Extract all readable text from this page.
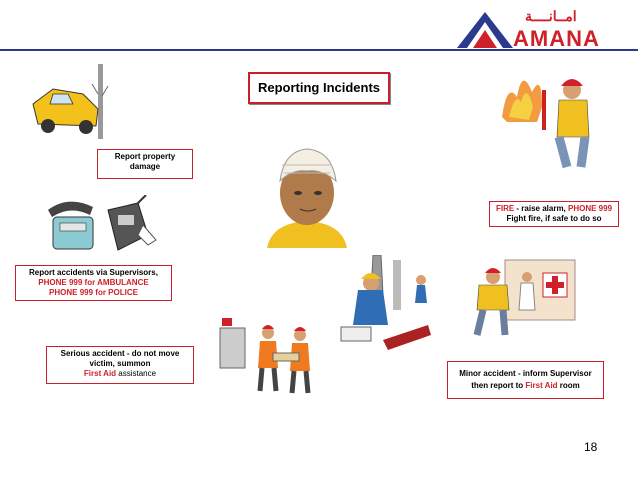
امــانــــة
AMANA
Reporting Incidents
Report property damage
Report accidents via Supervisors,
PHONE 999 for AMBULANCE
PHONE 999 for POLICE
FIRE - raise alarm, PHONE 999
Fight fire, if safe to do so
Serious accident - do not move victim, summon
First Aid assistance	Minor accident - inform Supervisor
then report to First Aid room
18
